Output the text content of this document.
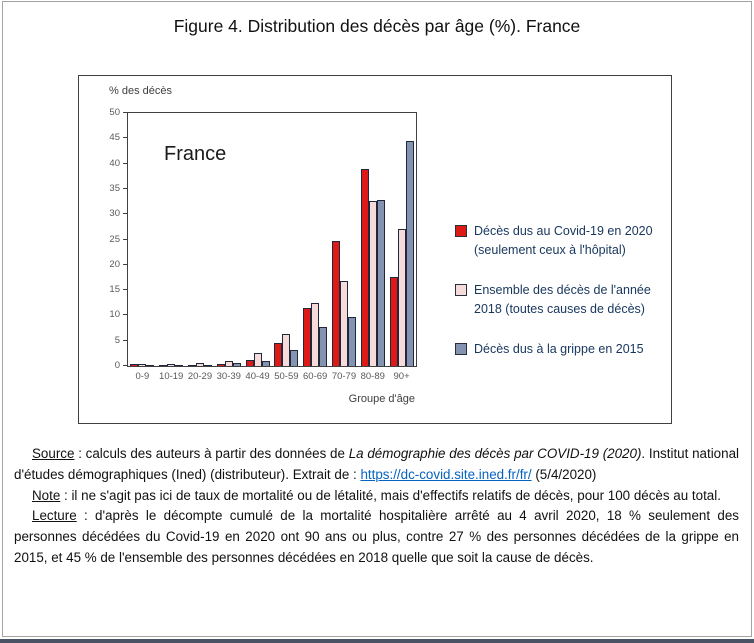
Figure 4. Distribution des décès par âge (%). France
% des décès
0
5
10
15
20
25
30
35
40
45
50
0-9 10-19 20-29 30-39 40-49 50-59 60-69 70-79 80-89 90+
France
Groupe d'âge
Décès dus au Covid-19 en 2020
(seulement ceux à l'hôpital)
Ensemble des décès de l'année
2018 (toutes causes de décès)
Décès dus à la grippe en 2015

Source : calculs des auteurs à partir des données de La démographie des décès par COVID-19 (2020). Institut national d'études démographiques (Ined) (distributeur). Extrait de : https://dc-covid.site.ined.fr/fr/ (5/4/2020)

Note : il ne s'agit pas ici de taux de mortalité ou de létalité, mais d'effectifs relatifs de décès, pour 100 décès au total.

Lecture : d'après le décompte cumulé de la mortalité hospitalière arrêté au 4 avril 2020, 18 % seulement des personnes décédées du Covid-19 en 2020 ont 90 ans ou plus, contre 27 % des personnes décédées de la grippe en 2015, et 45 % de l'ensemble des personnes décédées en 2018 quelle que soit la cause de décès.
